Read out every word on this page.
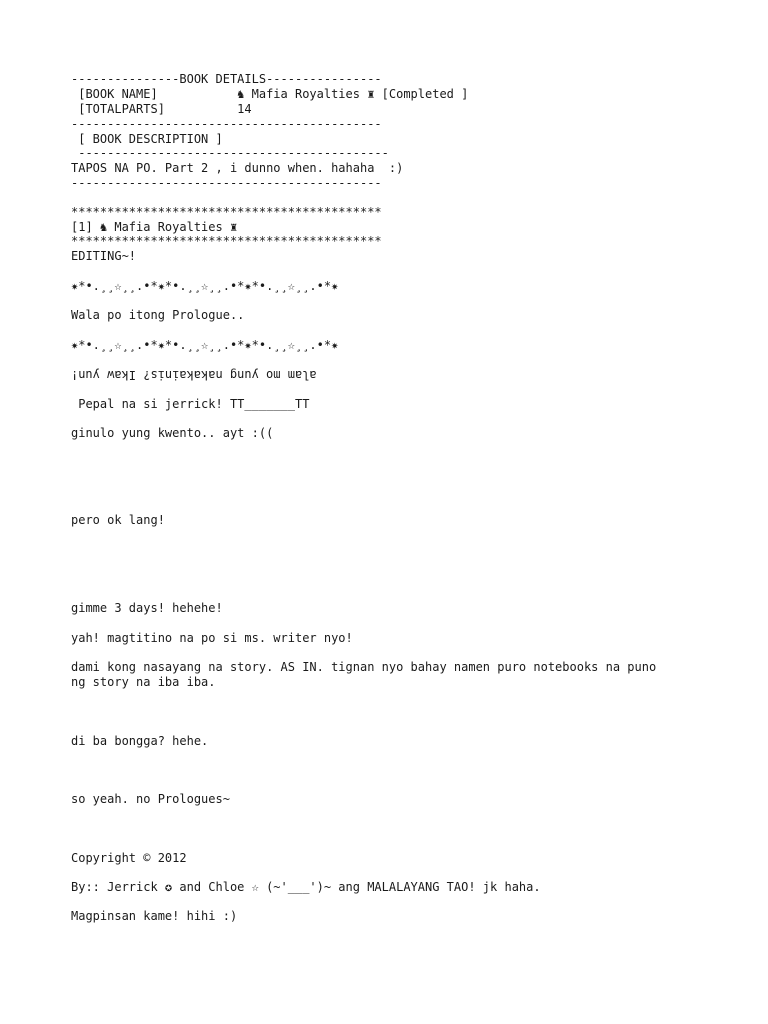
---------------BOOK DETAILS----------------

[BOOK NAME]           ♞ Mafia Royalties ♜ [Completed ]

[TOTALPARTS]          14

-------------------------------------------

[ BOOK DESCRIPTION ]

-------------------------------------------

TAPOS NA PO. Part 2 , i dunno when. hahaha  :)

-------------------------------------------

*******************************************

[1] ♞ Mafia Royalties ♜

*******************************************

EDITING~!

✷*•.¸¸☆¸¸.•*✷*•.¸¸☆¸¸.•*✷*•.¸¸☆¸¸.•*✷

Wala po itong Prologue..

✷*•.¸¸☆¸¸.•*✷*•.¸¸☆¸¸.•*✷*•.¸¸☆¸¸.•*✷

alam mo yung nakakainis? Ikaw yun!

Pepal na si jerrick! TT_______TT

ginulo yung kwento.. ayt :((

pero ok lang!

gimme 3 days! hehehe!

yah! magtitino na po si ms. writer nyo!

dami kong nasayang na story. AS IN. tignan nyo bahay namen puro notebooks na puno

ng story na iba iba.

di ba bongga? hehe.

so yeah. no Prologues~

Copyright © 2012

By:: Jerrick ✪ and Chloe ☆ (~'___')~ ang MALALAYANG TAO! jk haha.

Magpinsan kame! hihi :)
